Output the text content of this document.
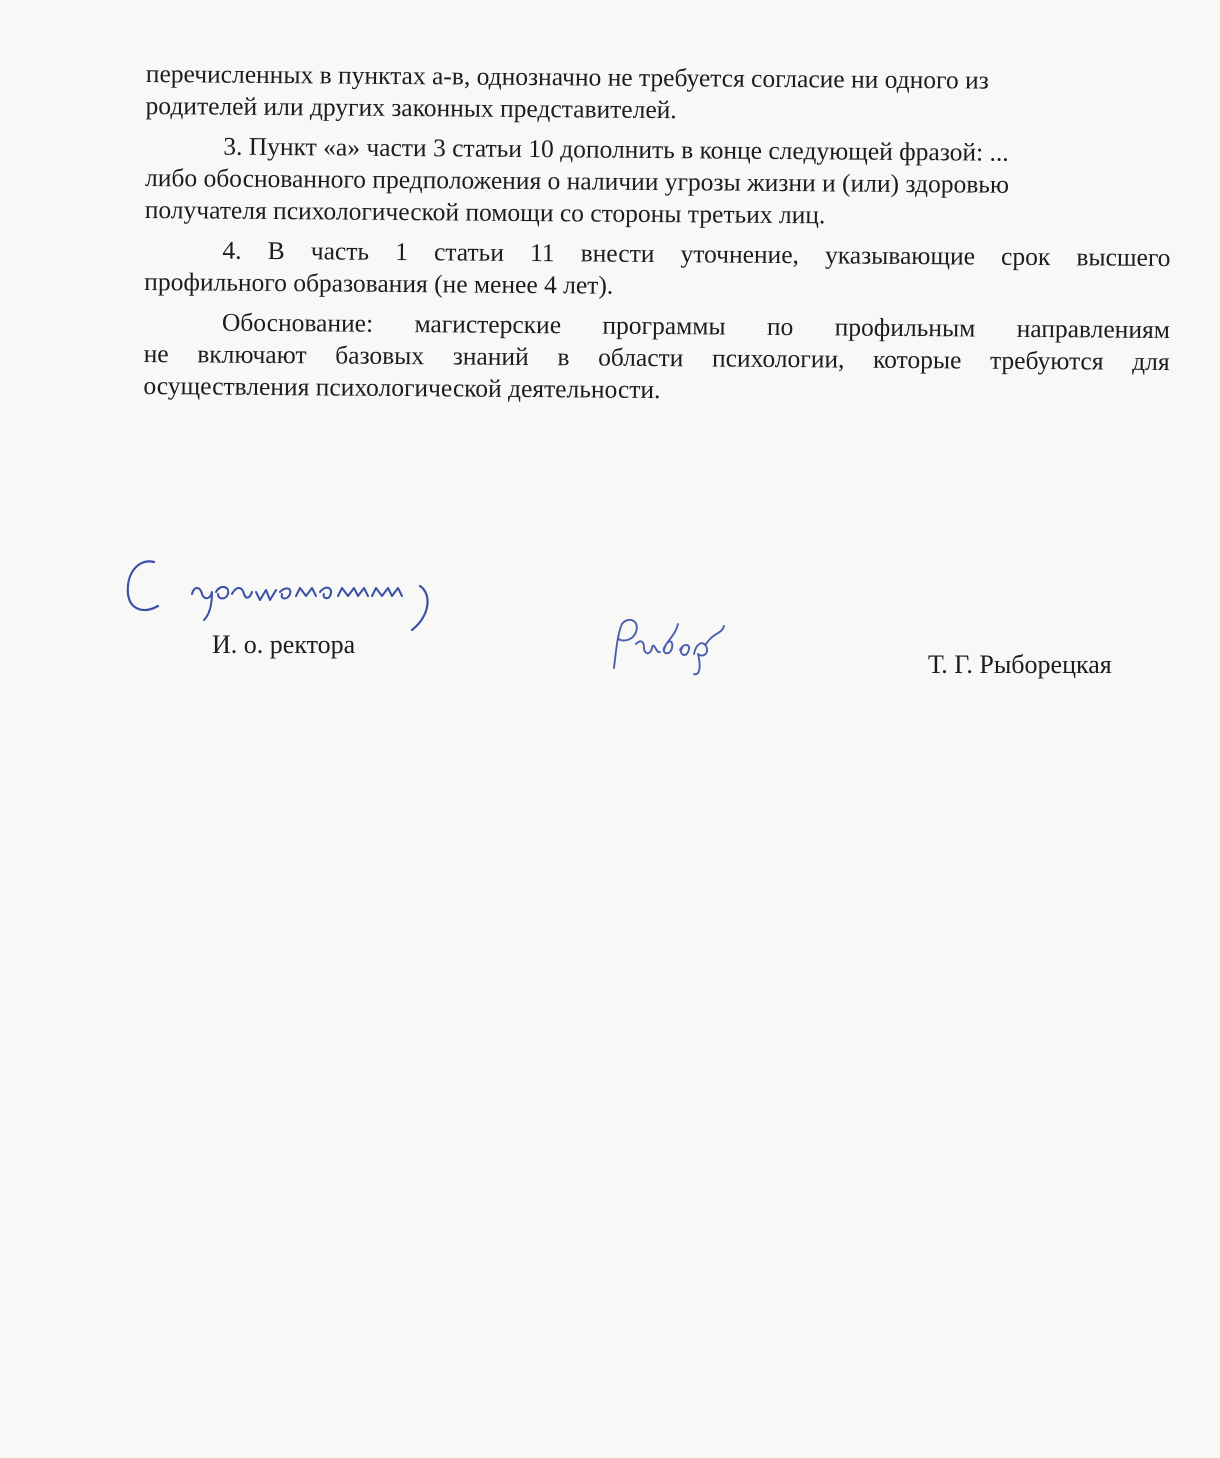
перечисленных в пунктах а-в, однозначно не требуется согласие ни одного из
родителей или других законных представителей.

3. Пункт «а» части 3 статьи 10 дополнить в конце следующей фразой: ...
либо обоснованного предположения о наличии угрозы жизни и (или) здоровью
получателя психологической помощи со стороны третьих лиц.

4. В часть 1 статьи 11 внести уточнение, указывающие срок высшего
профильного образования (не менее 4 лет).

Обоснование: магистерские программы по профильным направлениям
не включают базовых знаний в области психологии, которые требуются для
осуществления психологической деятельности.

И. о. ректора
Т. Г. Рыборецкая
